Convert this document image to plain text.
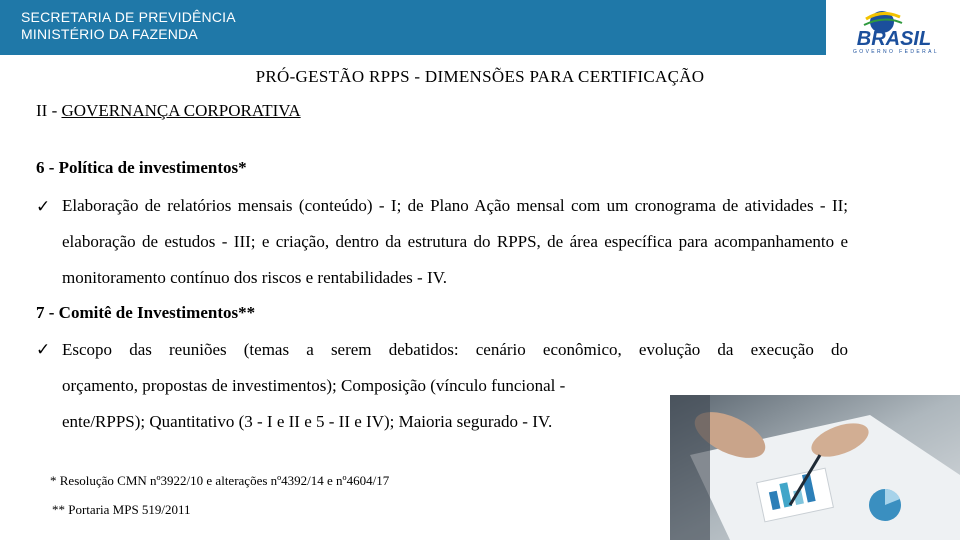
SECRETARIA DE PREVIDÊNCIA
MINISTÉRIO DA FAZENDA	BRASIL
GOVERNO FEDERAL
PRÓ-GESTÃO RPPS - DIMENSÕES PARA CERTIFICAÇÃO
II - GOVERNANÇA CORPORATIVA
6 - Política de investimentos*
✓ Elaboração de relatórios mensais (conteúdo) - I; de Plano Ação mensal com um cronograma de atividades - II; elaboração de estudos - III; e criação, dentro da estrutura do RPPS, de área específica para acompanhamento e monitoramento contínuo dos riscos e rentabilidades - IV.
7 - Comitê de Investimentos**
✓ Escopo das reuniões (temas a serem debatidos: cenário econômico, evolução da execução do
orçamento, propostas de investimentos); Composição (vínculo funcional -
ente/RPPS); Quantitativo (3 - I e II e 5 - II e IV); Maioria segurado - IV.
* Resolução CMN nº3922/10 e alterações nº4392/14 e nº4604/17
** Portaria MPS 519/2011
